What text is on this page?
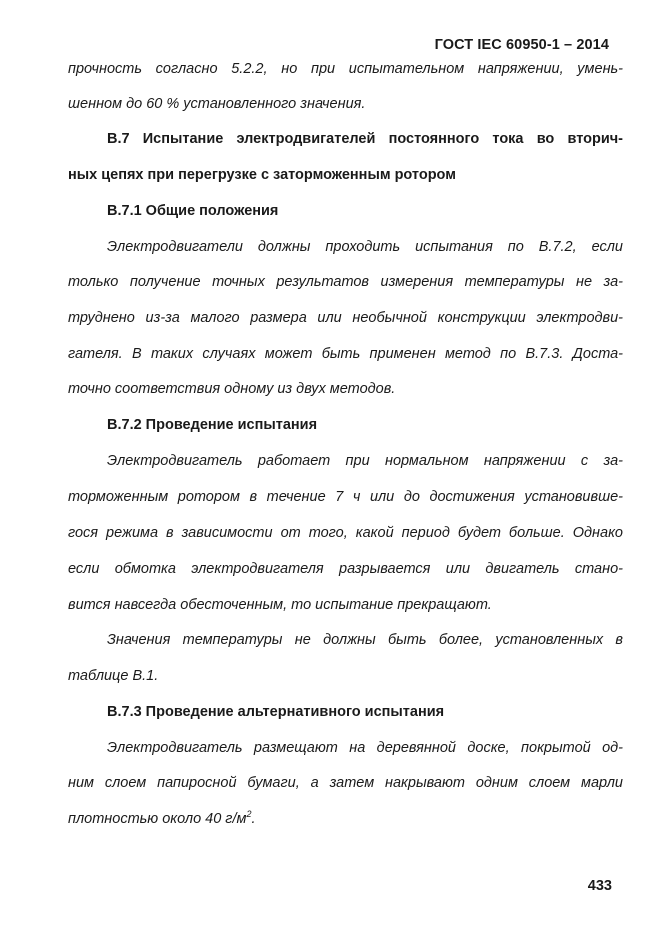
ГОСТ IEC 60950-1 – 2014
прочность согласно 5.2.2, но при испытательном напряжении, умень-
шенном до 60 % установленного значения.
В.7 Испытание электродвигателей постоянного тока во вторич-
ных цепях при перегрузке с заторможенным ротором
В.7.1 Общие положения
Электродвигатели должны проходить испытания по В.7.2, если
только получение точных результатов измерения температуры не за-
труднено из-за малого размера или необычной конструкции электродви-
гателя. В таких случаях может быть применен метод по В.7.3. Доста-
точно соответствия одному из двух методов.
В.7.2 Проведение испытания
Электродвигатель работает при нормальном напряжении с за-
торможенным ротором в течение 7 ч или до достижения установивше-
гося режима в зависимости от того, какой период будет больше. Однако
если обмотка электродвигателя разрывается или двигатель стано-
вится навсегда обесточенным, то испытание прекращают.
Значения температуры не должны быть более, установленных в
таблице В.1.
В.7.3 Проведение альтернативного испытания
Электродвигатель размещают на деревянной доске, покрытой од-
ним слоем папиросной бумаги, а затем накрывают одним слоем марли
плотностью около 40 $г/м^2$.
433
